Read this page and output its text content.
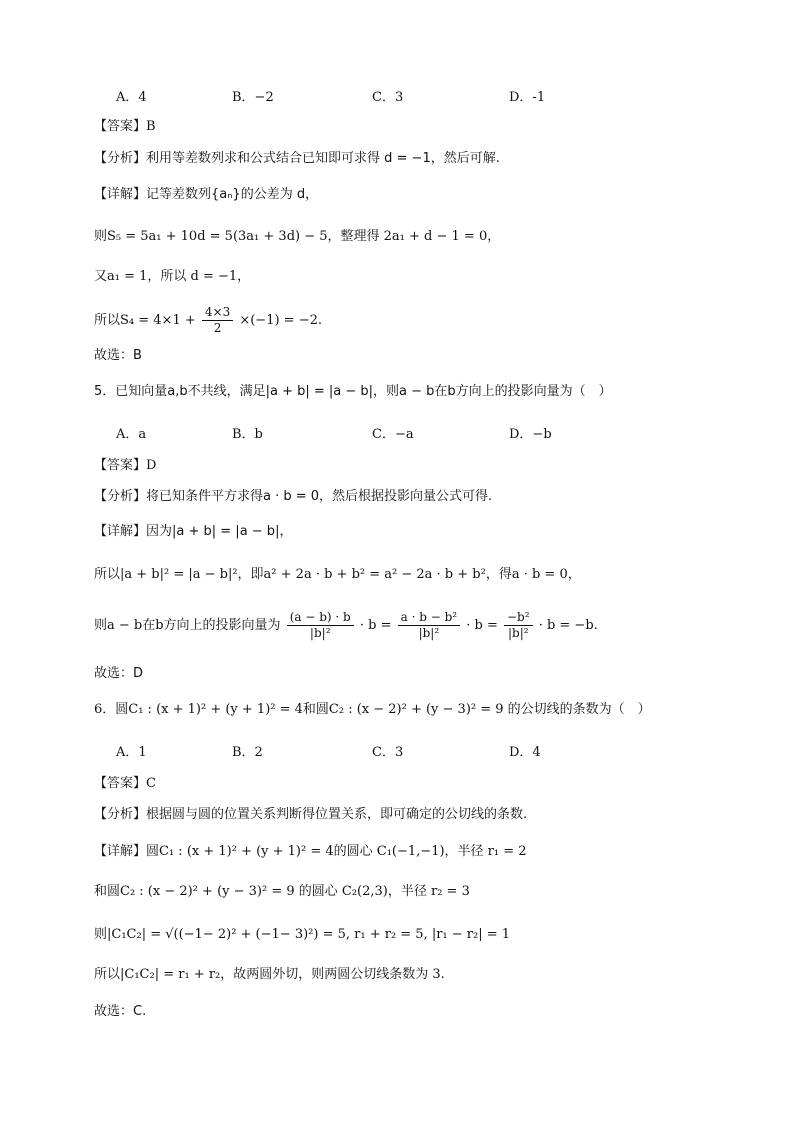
A．4	B．−2	C．3	D．-1
【答案】B
【分析】利用等差数列求和公式结合已知即可求得 d = −1，然后可解.
【详解】记等差数列{aₙ}的公差为 d，
则S₅ = 5a₁ + 10d = 5(3a₁ + 3d) − 5，整理得 2a₁ + d − 1 = 0，
又a₁ = 1，所以 d = −1，
所以$S_4 = 4\times 1 + \frac{4\times 3}{2} \times(-1) = -2$.
故选：B
5．已知向量a,b不共线，满足|a + b| = |a − b|，则a − b在b方向上的投影向量为（　）
A．a	B．b	C．−a	D．−b
【答案】D
【分析】将已知条件平方求得a · b = 0，然后根据投影向量公式可得.
【详解】因为|a + b| = |a − b|，
所以|a + b|² = |a − b|²，即a² + 2a · b + b² = a² − 2a · b + b²，得a · b = 0，
则a − b在b方向上的投影向量为 $\frac{(a - b) \cdot b}{\text{|b|²}} \cdot b = \frac{\text{a · b − b²}}{\text{|b|²}} \cdot b = \frac{\text{−b²}}{\text{|b|²}} \cdot b = -b$.
故选：D
6．圆C₁ : (x + 1)² + (y + 1)² = 4和圆C₂ : (x − 2)² + (y − 3)² = 9 的公切线的条数为（　）
A．1	B．2	C．3	D．4
【答案】C
【分析】根据圆与圆的位置关系判断得位置关系，即可确定的公切线的条数.
【详解】圆C₁ : (x + 1)² + (y + 1)² = 4的圆心 C₁(−1,−1)，半径 r₁ = 2
和圆C₂ : (x − 2)² + (y − 3)² = 9 的圆心 C₂(2,3)，半径 r₂ = 3
则|C₁C₂| = √((−1− 2)² + (−1− 3)²) = 5, r₁ + r₂ = 5, |r₁ − r₂| = 1
所以|C₁C₂| = r₁ + r₂，故两圆外切，则两圆公切线条数为 3.
故选：C.
